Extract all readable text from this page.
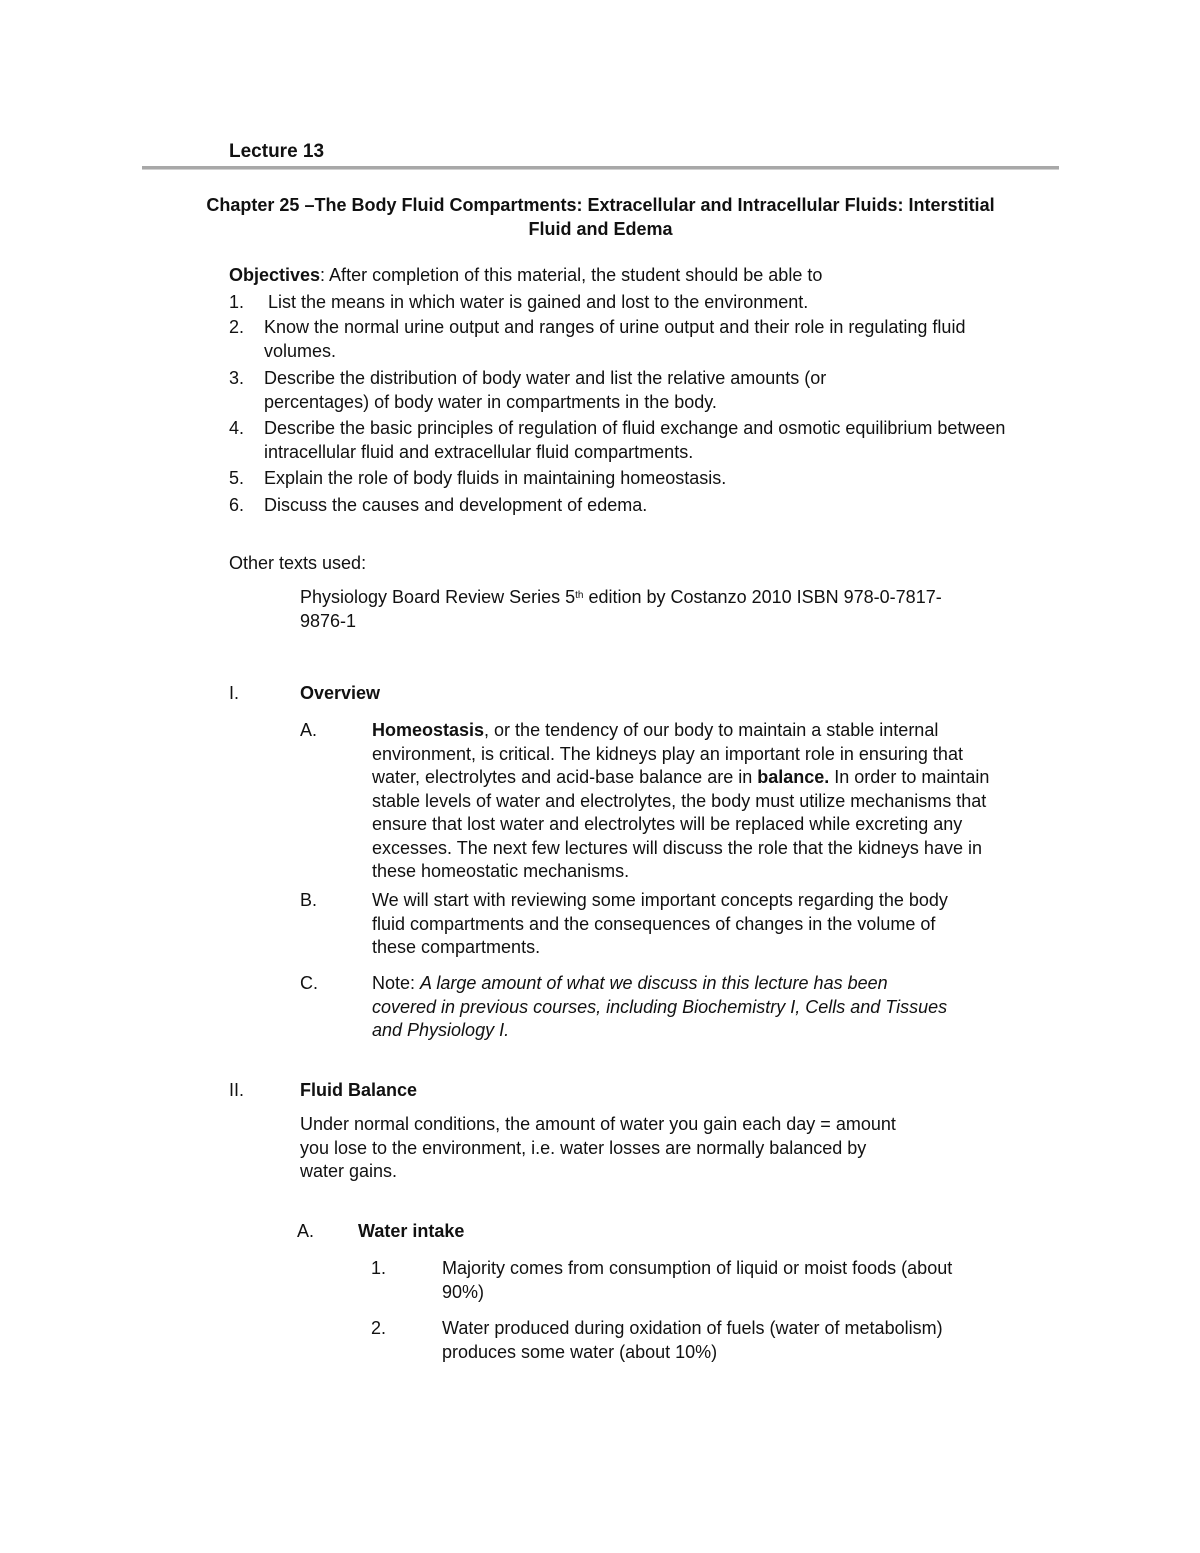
Lecture 13
Chapter 25 –The Body Fluid Compartments: Extracellular and Intracellular Fluids: Interstitial
Fluid and Edema
Objectives: After completion of this material, the student should be able to
1. List the means in which water is gained and lost to the environment.
2. Know the normal urine output and ranges of urine output and their role in regulating fluid volumes.
3. Describe the distribution of body water and list the relative amounts (or percentages) of body water in compartments in the body.
4. Describe the basic principles of regulation of fluid exchange and osmotic equilibrium between intracellular fluid and extracellular fluid compartments.
5. Explain the role of body fluids in maintaining homeostasis.
6. Discuss the causes and development of edema.
Other texts used:
Physiology Board Review Series 5th edition by Costanzo 2010 ISBN 978-0-7817-9876-1
I.	Overview
A.	Homeostasis, or the tendency of our body to maintain a stable internal environment, is critical. The kidneys play an important role in ensuring that water, electrolytes and acid-base balance are in balance. In order to maintain stable levels of water and electrolytes, the body must utilize mechanisms that ensure that lost water and electrolytes will be replaced while excreting any excesses. The next few lectures will discuss the role that the kidneys have in these homeostatic mechanisms.
B.	We will start with reviewing some important concepts regarding the body fluid compartments and the consequences of changes in the volume of these compartments.
C.	Note: A large amount of what we discuss in this lecture has been covered in previous courses, including Biochemistry I, Cells and Tissues and Physiology I.
II.	Fluid Balance
Under normal conditions, the amount of water you gain each day = amount you lose to the environment, i.e. water losses are normally balanced by water gains.
A. Water intake
1.	Majority comes from consumption of liquid or moist foods (about 90%)
2.	Water produced during oxidation of fuels (water of metabolism) produces some water (about 10%)
